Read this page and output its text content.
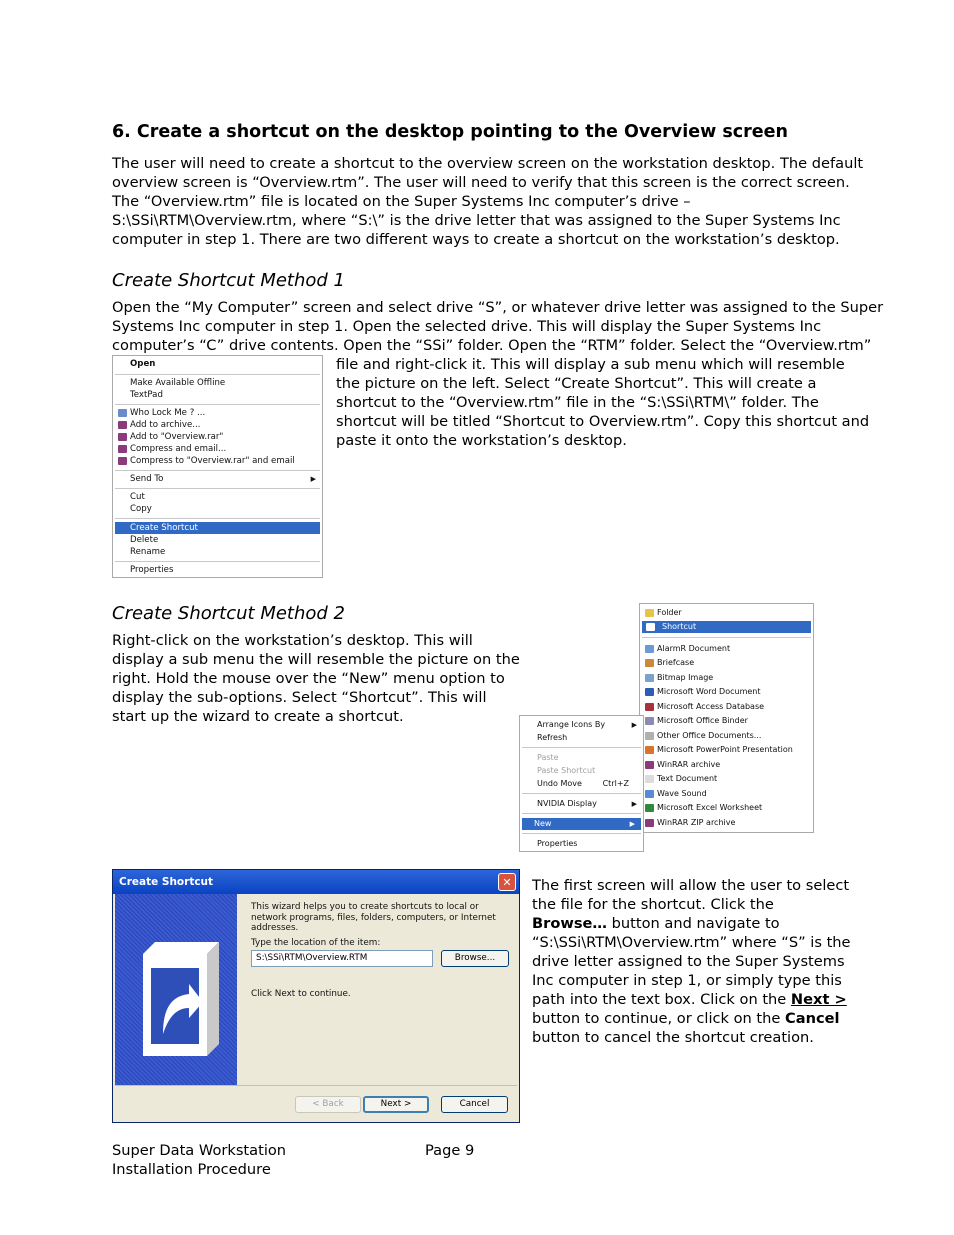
6. Create a shortcut on the desktop pointing to the Overview screen
The user will need to create a shortcut to the overview screen on the workstation desktop. The default
overview screen is “Overview.rtm”. The user will need to verify that this screen is the correct screen.
The “Overview.rtm” file is located on the Super Systems Inc computer’s drive –
S:\SSi\RTM\Overview.rtm, where “S:\” is the drive letter that was assigned to the Super Systems Inc
computer in step 1. There are two different ways to create a shortcut on the workstation’s desktop.
Create Shortcut Method 1
Open the “My Computer” screen and select drive “S”, or whatever drive letter was assigned to the Super
Systems Inc computer in step 1. Open the selected drive. This will display the Super Systems Inc
computer’s “C” drive contents. Open the “SSi” folder. Open the “RTM” folder. Select the “Overview.rtm”
file and right-click it. This will display a sub menu which will resemble
the picture on the left. Select “Create Shortcut”. This will create a
shortcut to the “Overview.rtm” file in the “S:\SSi\RTM\” folder. The
shortcut will be titled “Shortcut to Overview.rtm”. Copy this shortcut and
paste it onto the workstation’s desktop.
Open
Make Available Offline
TextPad
Who Lock Me ? ...
Add to archive...
Add to "Overview.rar"
Compress and email...
Compress to "Overview.rar" and email
Send To	▶
Cut
Copy
Create Shortcut
Delete
Rename
Properties
Create Shortcut Method 2
Right-click on the workstation’s desktop. This will
display a sub menu the will resemble the picture on the
right. Hold the mouse over the “New” menu option to
display the sub-options. Select “Shortcut”. This will
start up the wizard to create a shortcut.
Folder
Shortcut
AlarmR Document
Briefcase
Bitmap Image
Microsoft Word Document
Microsoft Access Database
Microsoft Office Binder
Other Office Documents...
Microsoft PowerPoint Presentation
WinRAR archive
Text Document
Wave Sound
Microsoft Excel Worksheet
WinRAR ZIP archive
Arrange Icons By	▶
Refresh
Paste
Paste Shortcut
Undo Move	Ctrl+Z
NVIDIA Display	▶
New	▶
Properties
Create Shortcut	✕
This wizard helps you to create shortcuts to local or
network programs, files, folders, computers, or Internet
addresses.
Type the location of the item:
S:\SSi\RTM\Overview.RTM	Browse...
Click Next to continue.
< Back	Next >	Cancel
The first screen will allow the user to select
the file for the shortcut. Click the
Browse… button and navigate to
“S:\SSi\RTM\Overview.rtm” where “S” is the
drive letter assigned to the Super Systems
Inc computer in step 1, or simply type this
path into the text box. Click on the Next >
button to continue, or click on the Cancel
button to cancel the shortcut creation.
Super Data Workstation
Installation Procedure
Page 9
